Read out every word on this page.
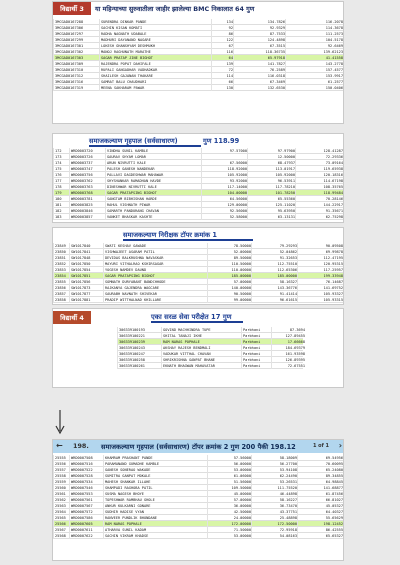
विद्यार्थी 3	या महिन्याच्या सुरुवातीला जाहीर झालेल्या BMC निकालात 64 गुण
3MCGAD0167288	SURENDRA DINKAR PANDE	134	134.7826	116.2078
3MCGAD0167306	SACHIN KISAN KOMATI	92	92.9329	114.3678
3MCGAD0167297	RADHA NAGNATH UDABALE	86	87.7533	111.2573
3MCGAD0167299	MADHURI DAYANAND NAGARE	122	124.4898	104.5178
3MCGAD0167301	LOKESH GHANSHYAM DESHMUKH	67	67.3515	92.6469
3MCGAD0167302	MANOJ RAGHUNATH MARATHE	116	118.36735	139.62123
3MCGAD0167303	SAGAR PRATAP JINE BIGHOT	64	65.97918	41.41558
3MCGAD0167309	RAJENDRA POPAT DAHIFALE	139	141.7827	143.2778
3MCGAD0167310	RUPALI GANGADHAR VADHADKAR	72	76.2589	157.4577
3MCGAD0167312	SHAILESH GAJANAN THAKARE	114	116.0318	153.9917
3MCGAD0167316	SAMRAT BALU CHAUDHARI	66	67.3469	61.2577
3MCGAD0167319	MEENA SAKHARAM PAWAR	130	132.6530	150.0406
समाजकल्याण गृहपाल (सर्वसाधारण)	गुण 118.99
172	WRD0003720	VINDHA SUNIL KAMBLE	97.57000	97.97900	128.41287
173	WRD0003726	GAURAV SHYAM LOMAR	12.50000	72.29336
174	WRD0003737	ARUN NIVRUTTI KALE	67.56000	68.47937	73.09164
175	WRD0003747	PALESH GANESH NANDEKAR	118.92000	113.01917	119.65938
176	WRD0003756	PALLAVI DAGDESHWAR MAHAWAR	105.92000	105.92000	120.18316
177	WRD0003762	SHYSHANKAR RAMADHAN HAVDE	93.92000	96.53911	114.67198
178	WRD0003763	DINESHWAR NIVRUTTI KALE	117.14000	117.78210	108.35765
179	WRD0003768	SAGAR PRATAPSING BIGHOT	104.00000	101.78250	118.99484
180	WRD0003781	SANGTAM BIBHISHAN HARDE	64.56000	65.55360	70.28146
181	WRD0003825	RAHUL VISHNATH PIWAR	129.00000	125.11020	144.22917
182	WRD0003846	SAMARTH PANDURANG CHAVAN	92.56000	95.63950	91.35671
183	WRD0003857	VANKET BHASKAR KASHTE	52.58000	63.13131	62.75298
समाजकल्याण निरीक्षक टॉपर क्रमांक 1
23849	SW1017840	SWATI KESHAV GAWADE	78.50000	79.29293	90.09508
23850	SW1017841	VISHWAJEET ASARAM PATIL	52.00000	52.04862	69.99878
23851	SW1017848	DEVIDAS BALKRUSHNA NAVASKAR	89.50000	91.32653	112.47195
23852	SW1017850	MAYURI VITHALRAO KSHIRSAGAR	110.50000	112.75510	120.95315
23853	SW1017854	YOGESH NAMDEV DAUND	110.00000	112.65306	117.25957
23854	SW1017851	SAGAR PRATAPSING BIGHOT	185.00000	185.00000	199.33948
23855	SW1017856	SOMNATH DURYABANT BANDCHHODE	57.00000	58.16327	76.14687
23856	SW1017873	RAJKANYA GAJENDRA WAGCARE	140.00000	143.36776	141.69752
23857	SW1017877	SAURABH NAVNATH SHIVEKAR	90.50000	91.41414	105.93327
23858	SW1017881	PRADIP WITTHALNAD KHILLARE	99.00000	96.61615	105.93315
विद्यार्थी 4	एका सरळ सेवा परीक्षेत 17 गुण
306339100193	GOVIND MACHHINDRA TUPE	Parbhani	87.3694
306339100221	SHITAL TANAJI IKHE	Parbhani	127.89455
306339100239	RAM NARAS POPHALE	Parbhani	17.66668
306339100243	AKSHAY RAJESH BENDMALI	Parbhani	184.69379
306339100247	VADUKAR VITTHAL CHAVAN	Parbhani	161.93598
306339100258	SHRIKRISHNA GANPAT BHANE	Parbhani	126.89395
306339100261	EKNATH BHAGWAN MAHAVATAR	Parbhani	72.67551
← 198. समाजकल्याण गृहपाल (सर्वसाधारण) टॉपर क्रमांक 2 गुण 200 पैकी 198.12	1 of 1 ›
25555	WRD0007508	KHAMRAM PRASHANT PANDE	57.56000	58.18009	69.54956
25556	WRD0007516	PARAMANAND GUMADHE KAMBLE	56.00000	56.27700	70.60095
25557	WRD0007522	GANESH SONERAO WAKADE	53.00000	53.94108	65.24080
25558	WRD0007528	SUMITRA GANPAT MOKALE	61.06000	62.24490	89.34855
25559	WRD0007534	MAHESH SHANKAR ILLAHE	51.56000	53.26531	64.98845
25560	WRD0007546	SHAMPADI RAGHOBA PATIL	109.50000	111.75520	141.68877
25561	WRD0007553	SUSMA NAGESH BHOYE	45.00000	46.44898	61.87456
25562	WRD0007561	TOPESHWAR RAMBHAU GHOLE	57.00000	58.16227	66.81027
25563	WRD0007567	ANKUR KULKARNI GONARE	36.00000	36.73470	45.05327
25564	WRD0007572	SUDHIR HADISE VYAN	42.50000	43.37751	64.40327
25565	WRD0007586	RANVEER PUNDLIK BHONDANE	24.00000	25.48898	55.65629
25566	WRD0007605	RAM NARAS POPHALE	172.00000	172.50000	198.12452
25567	WRD0007611	ATHARVA SUNIL KADAM	71.50000	72.95918	86.42555
25568	WRD0007622	SACHIN VIKRAM KHADSE	53.00000	54.08163	65.65327
